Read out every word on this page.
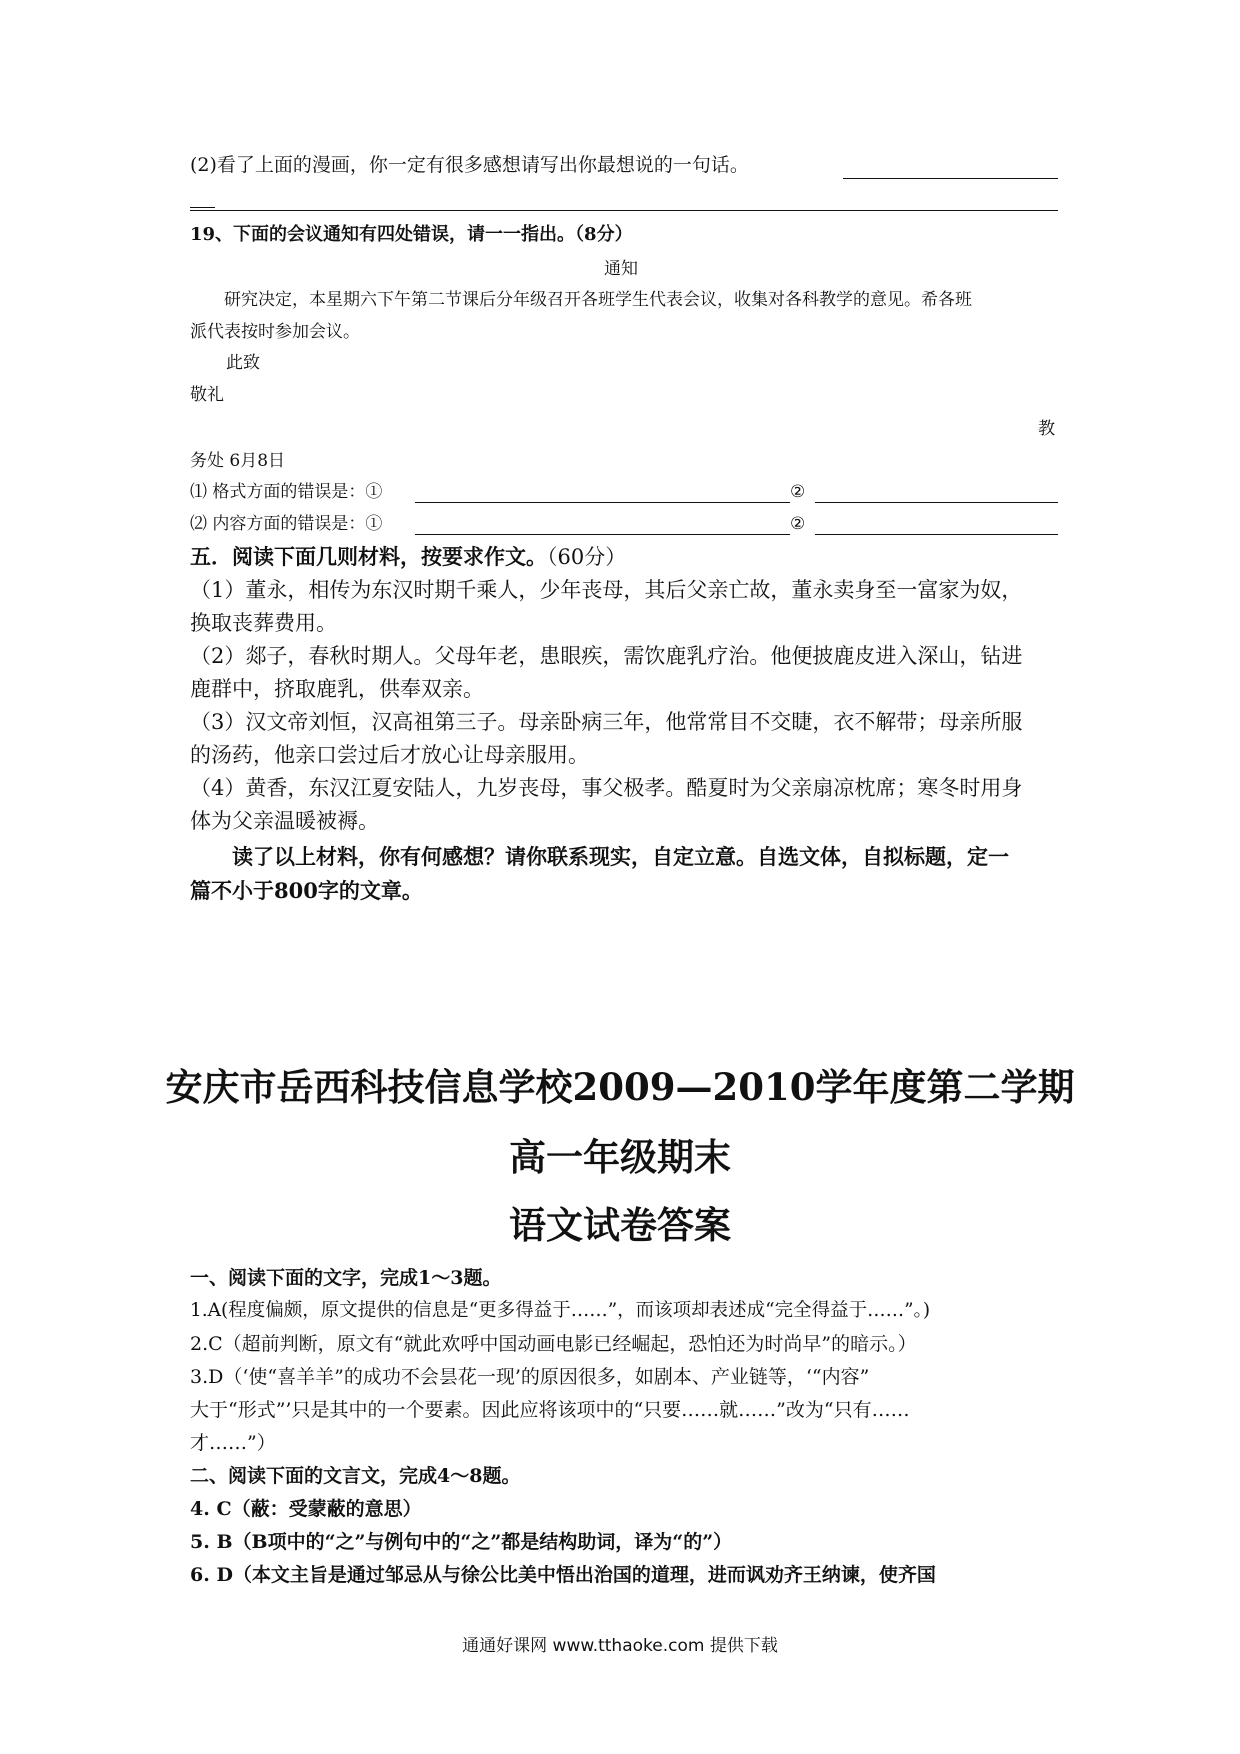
(2)看了上面的漫画，你一定有很多感想请写出你最想说的一句话。
19、下面的会议通知有四处错误，请一一指出。（8分）
通知
研究决定，本星期六下午第二节课后分年级召开各班学生代表会议，收集对各科教学的意见。希各班
派代表按时参加会议。
此致
敬礼
教
务处 6月8日
⑴ 格式方面的错误是：①	②
⑵ 内容方面的错误是：①	②
五．阅读下面几则材料，按要求作文。（60分）
（1）董永，相传为东汉时期千乘人，少年丧母，其后父亲亡故，董永卖身至一富家为奴，
换取丧葬费用。
（2）郯子，春秋时期人。父母年老，患眼疾，需饮鹿乳疗治。他便披鹿皮进入深山，钻进
鹿群中，挤取鹿乳，供奉双亲。
（3）汉文帝刘恒，汉高祖第三子。母亲卧病三年，他常常目不交睫，衣不解带；母亲所服
的汤药，他亲口尝过后才放心让母亲服用。
（4）黄香，东汉江夏安陆人，九岁丧母，事父极孝。酷夏时为父亲扇凉枕席；寒冬时用身
体为父亲温暖被褥。
读了以上材料，你有何感想？请你联系现实，自定立意。自选文体，自拟标题，定一
篇不小于800字的文章。
安庆市岳西科技信息学校2009—2010学年度第二学期
高一年级期末
语文试卷答案
一、阅读下面的文字，完成1～3题。
1.A(程度偏颇，原文提供的信息是“更多得益于……”，而该项却表述成“完全得益于……”。)
2.C（超前判断，原文有“就此欢呼中国动画电影已经崛起，恐怕还为时尚早”的暗示。）
3.D（‘使“喜羊羊”的成功不会昙花一现’的原因很多，如剧本、产业链等，‘“内容”
大于“形式”’只是其中的一个要素。因此应将该项中的“只要……就……”改为“只有……
才……”）
二、阅读下面的文言文，完成4～8题。
4. C（蔽：受蒙蔽的意思）
5. B（B项中的“之”与例句中的“之”都是结构助词，译为“的”）
6. D（本文主旨是通过邹忌从与徐公比美中悟出治国的道理，进而讽劝齐王纳谏，使齐国
通通好课网 www.tthaoke.com 提供下载
